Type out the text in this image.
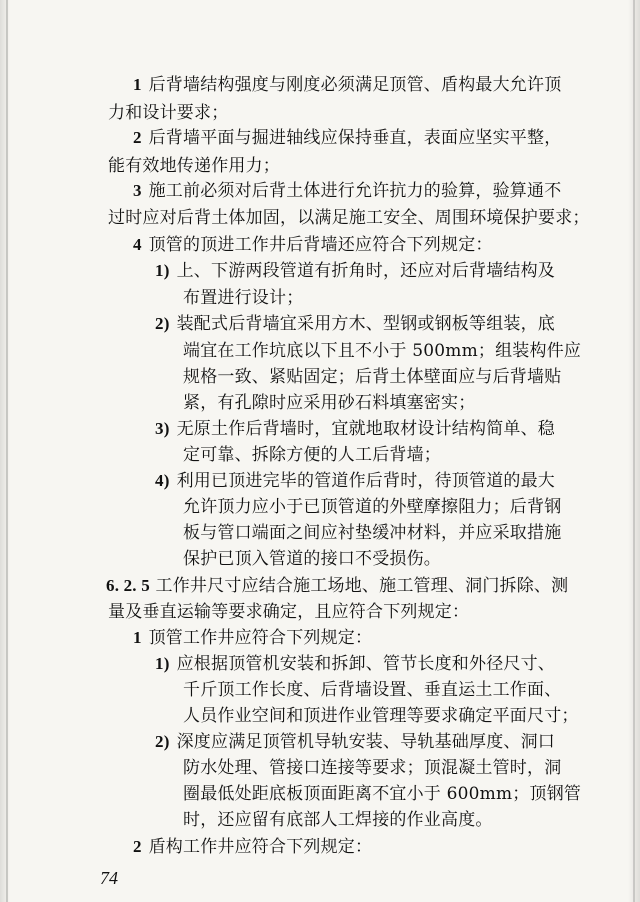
1 后背墙结构强度与刚度必须满足顶管、盾构最大允许顶
力和设计要求；
2 后背墙平面与掘进轴线应保持垂直，表面应坚实平整，
能有效地传递作用力；
3 施工前必须对后背土体进行允许抗力的验算，验算通不
过时应对后背土体加固，以满足施工安全、周围环境保护要求；
4 顶管的顶进工作井后背墙还应符合下列规定：
1) 上、下游两段管道有折角时，还应对后背墙结构及
布置进行设计；
2) 装配式后背墙宜采用方木、型钢或钢板等组装，底
端宜在工作坑底以下且不小于 500mm；组装构件应
规格一致、紧贴固定；后背土体壁面应与后背墙贴
紧，有孔隙时应采用砂石料填塞密实；
3) 无原土作后背墙时，宜就地取材设计结构简单、稳
定可靠、拆除方便的人工后背墙；
4) 利用已顶进完毕的管道作后背时，待顶管道的最大
允许顶力应小于已顶管道的外壁摩擦阻力；后背钢
板与管口端面之间应衬垫缓冲材料，并应采取措施
保护已顶入管道的接口不受损伤。
6. 2. 5 工作井尺寸应结合施工场地、施工管理、洞门拆除、测
量及垂直运输等要求确定，且应符合下列规定：
1 顶管工作井应符合下列规定：
1) 应根据顶管机安装和拆卸、管节长度和外径尺寸、
千斤顶工作长度、后背墙设置、垂直运土工作面、
人员作业空间和顶进作业管理等要求确定平面尺寸；
2) 深度应满足顶管机导轨安装、导轨基础厚度、洞口
防水处理、管接口连接等要求；顶混凝土管时，洞
圈最低处距底板顶面距离不宜小于 600mm；顶钢管
时，还应留有底部人工焊接的作业高度。
2 盾构工作井应符合下列规定：
74
